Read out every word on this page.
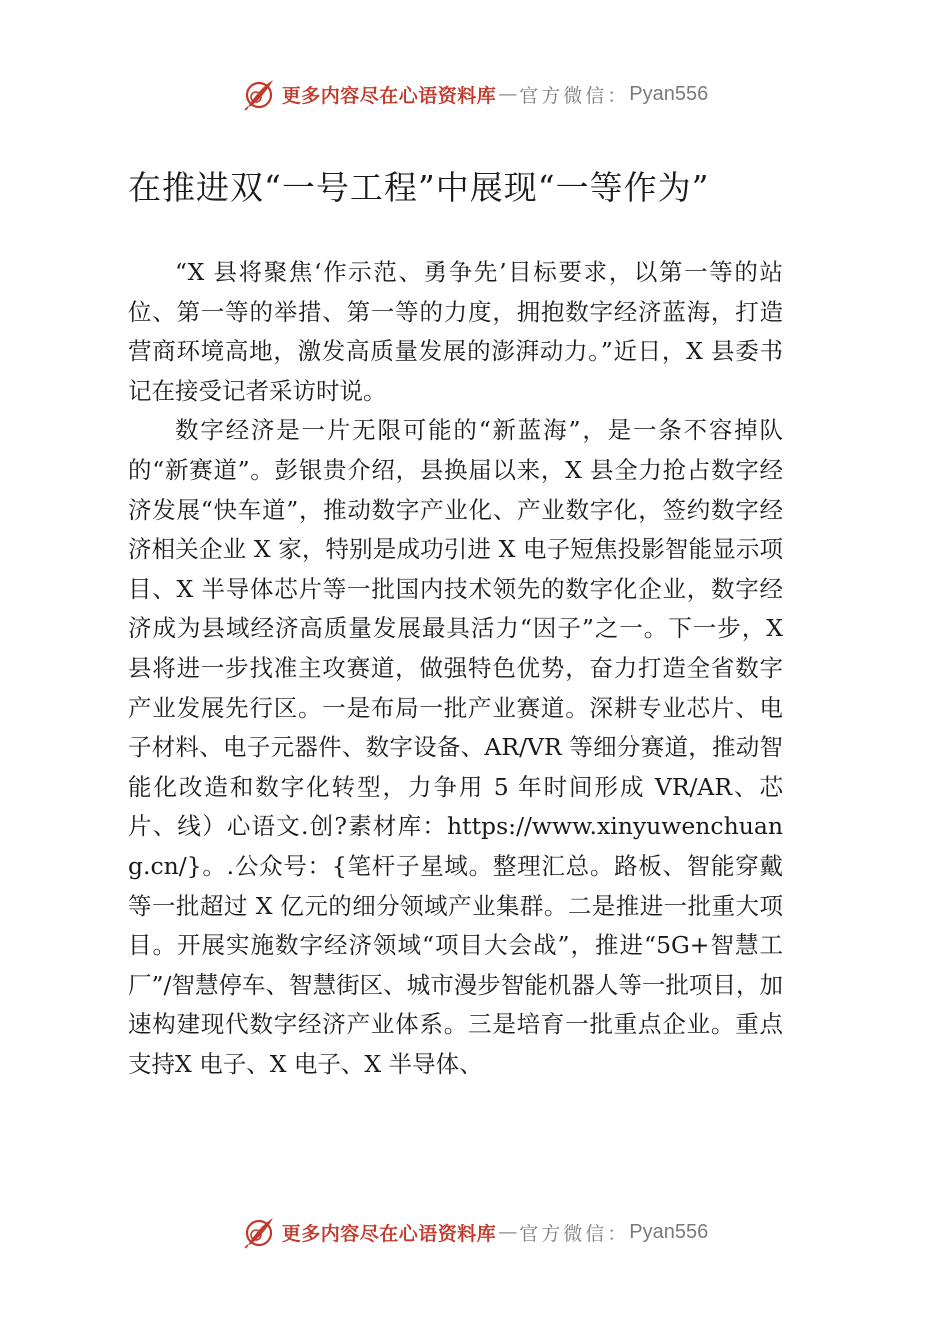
更多内容尽在心语资料库 — 官方微信： Pyan556
在推进双“一号工程”中展现“一等作为”

“X 县将聚焦‘作示范、勇争先’目标要求，以第一等的站位、第一等的举措、第一等的力度，拥抱数字经济蓝海，打造营商环境高地，激发高质量发展的澎湃动力。”近日，X 县委书记在接受记者采访时说。

数字经济是一片无限可能的“新蓝海”，是一条不容掉队的“新赛道”。彭银贵介绍，县换届以来，X 县全力抢占数字经济发展“快车道”，推动数字产业化、产业数字化，签约数字经济相关企业 X 家，特别是成功引进 X 电子短焦投影智能显示项目、X 半导体芯片等一批国内技术领先的数字化企业，数字经济成为县域经济高质量发展最具活力“因子”之一。下一步，X 县将进一步找准主攻赛道，做强特色优势，奋力打造全省数字产业发展先行区。一是布局一批产业赛道。深耕专业芯片、电子材料、电子元器件、数字设备、AR/VR 等细分赛道，推动智能化改造和数字化转型，力争用 5 年时间形成 VR/AR、芯片、线）心语文.创?素材库：https://www.xinyuwenchuang.cn/}。.公众号：{笔杆子星域。整理汇总。路板、智能穿戴等一批超过 X 亿元的细分领域产业集群。二是推进一批重大项目。开展实施数字经济领域“项目大会战”，推进“5G+智慧工厂”/智慧停车、智慧街区、城市漫步智能机器人等一批项目，加速构建现代数字经济产业体系。三是培育一批重点企业。重点支持X 电子、X 电子、X 半导体、

更多内容尽在心语资料库 — 官方微信： Pyan556
